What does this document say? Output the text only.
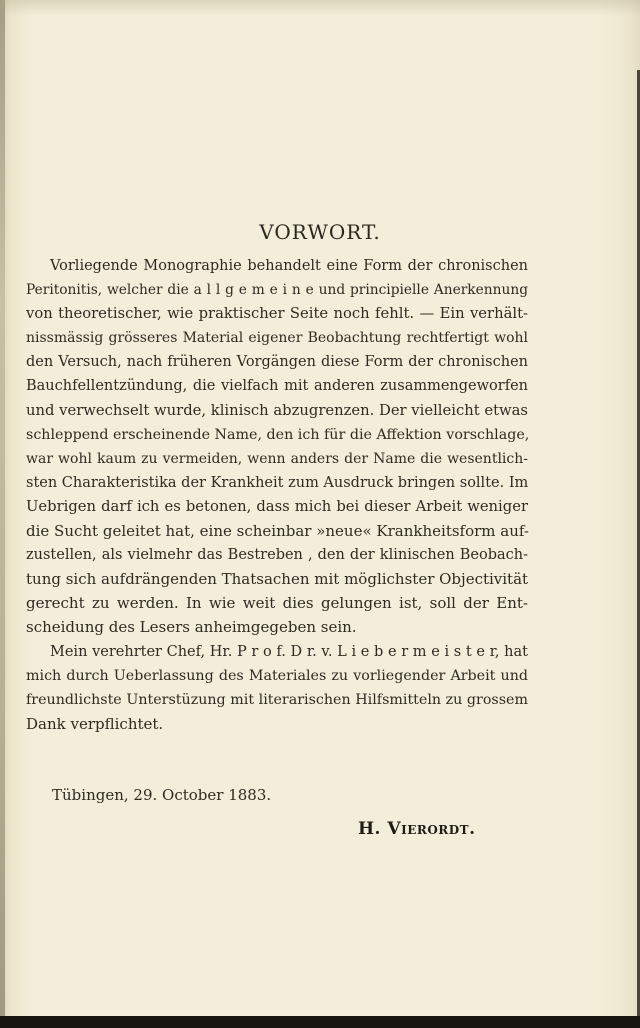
VORWORT.
Vorliegende Monographie behandelt eine Form der chronischen
Peritonitis, welcher die a l l g e m e i n e und principielle Anerkennung
von theoretischer, wie praktischer Seite noch fehlt. — Ein verhält-
nissmässig grösseres Material eigener Beobachtung rechtfertigt wohl
den Versuch, nach früheren Vorgängen diese Form der chronischen
Bauchfellentzündung, die vielfach mit anderen zusammengeworfen
und verwechselt wurde, klinisch abzugrenzen. Der vielleicht etwas
schleppend erscheinende Name, den ich für die Affektion vorschlage,
war wohl kaum zu vermeiden, wenn anders der Name die wesentlich-
sten Charakteristika der Krankheit zum Ausdruck bringen sollte. Im
Uebrigen darf ich es betonen, dass mich bei dieser Arbeit weniger
die Sucht geleitet hat, eine scheinbar »neue« Krankheitsform auf-
zustellen, als vielmehr das Bestreben , den der klinischen Beobach-
tung sich aufdrängenden Thatsachen mit möglichster Objectivität
gerecht zu werden. In wie weit dies gelungen ist, soll der Ent-
scheidung des Lesers anheimgegeben sein.
Mein verehrter Chef, Hr. P r o f. D r. v. L i e b e r m e i s t e r, hat
mich durch Ueberlassung des Materiales zu vorliegender Arbeit und
freundlichste Unterstüzung mit literarischen Hilfsmitteln zu grossem
Dank verpflichtet.
Tübingen, 29. October 1883.
H. Vierordt.
